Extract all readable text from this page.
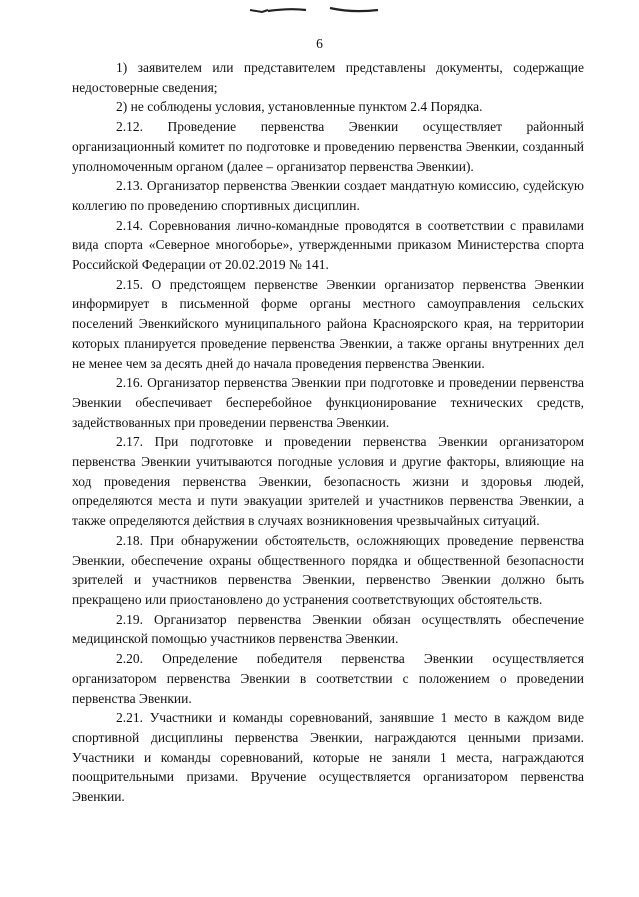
6

1) заявителем или представителем представлены документы, содержащие недостоверные сведения;

2) не соблюдены условия, установленные пунктом 2.4 Порядка.

2.12. Проведение первенства Эвенкии осуществляет районный организационный комитет по подготовке и проведению первенства Эвенкии, созданный уполномоченным органом (далее – организатор первенства Эвенкии).

2.13. Организатор первенства Эвенкии создает мандатную комиссию, судейскую коллегию по проведению спортивных дисциплин.

2.14. Соревнования лично-командные проводятся в соответствии с правилами вида спорта «Северное многоборье», утвержденными приказом Министерства спорта Российской Федерации от 20.02.2019 № 141.

2.15. О предстоящем первенстве Эвенкии организатор первенства Эвенкии информирует в письменной форме органы местного самоуправления сельских поселений Эвенкийского муниципального района Красноярского края, на территории которых планируется проведение первенства Эвенкии, а также органы внутренних дел не менее чем за десять дней до начала проведения первенства Эвенкии.

2.16. Организатор первенства Эвенкии при подготовке и проведении первенства Эвенкии обеспечивает бесперебойное функционирование технических средств, задействованных при проведении первенства Эвенкии.

2.17. При подготовке и проведении первенства Эвенкии организатором первенства Эвенкии учитываются погодные условия и другие факторы, влияющие на ход проведения первенства Эвенкии, безопасность жизни и здоровья людей, определяются места и пути эвакуации зрителей и участников первенства Эвенкии, а также определяются действия в случаях возникновения чрезвычайных ситуаций.

2.18. При обнаружении обстоятельств, осложняющих проведение первенства Эвенкии, обеспечение охраны общественного порядка и общественной безопасности зрителей и участников первенства Эвенкии, первенство Эвенкии должно быть прекращено или приостановлено до устранения соответствующих обстоятельств.

2.19. Организатор первенства Эвенкии обязан осуществлять обеспечение медицинской помощью участников первенства Эвенкии.

2.20. Определение победителя первенства Эвенкии осуществляется организатором первенства Эвенкии в соответствии с положением о проведении первенства Эвенкии.

2.21. Участники и команды соревнований, занявшие 1 место в каждом виде спортивной дисциплины первенства Эвенкии, награждаются ценными призами. Участники и команды соревнований, которые не заняли 1 места, награждаются поощрительными призами. Вручение осуществляется организатором первенства Эвенкии.
